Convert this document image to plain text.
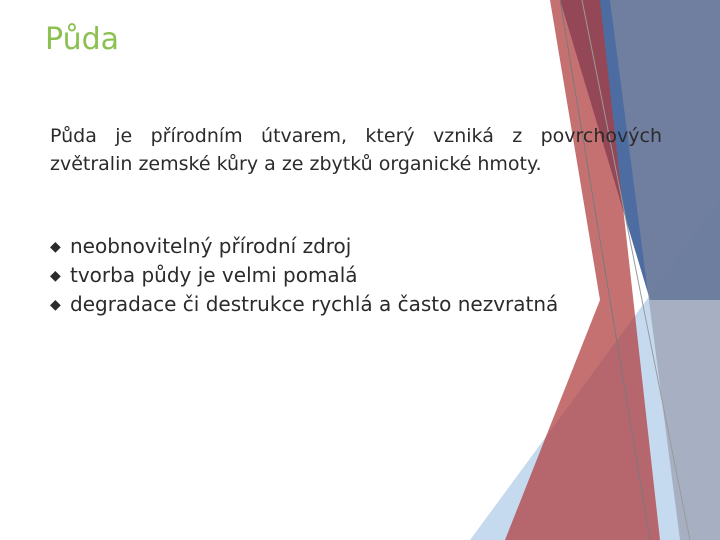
Půda

Půda je přírodním útvarem, který vzniká z povrchových zvětralin zemské kůry a ze zbytků organické hmoty.

◆ neobnovitelný přírodní zdroj
◆ tvorba půdy je velmi pomalá
◆ degradace či destrukce rychlá a často nezvratná
